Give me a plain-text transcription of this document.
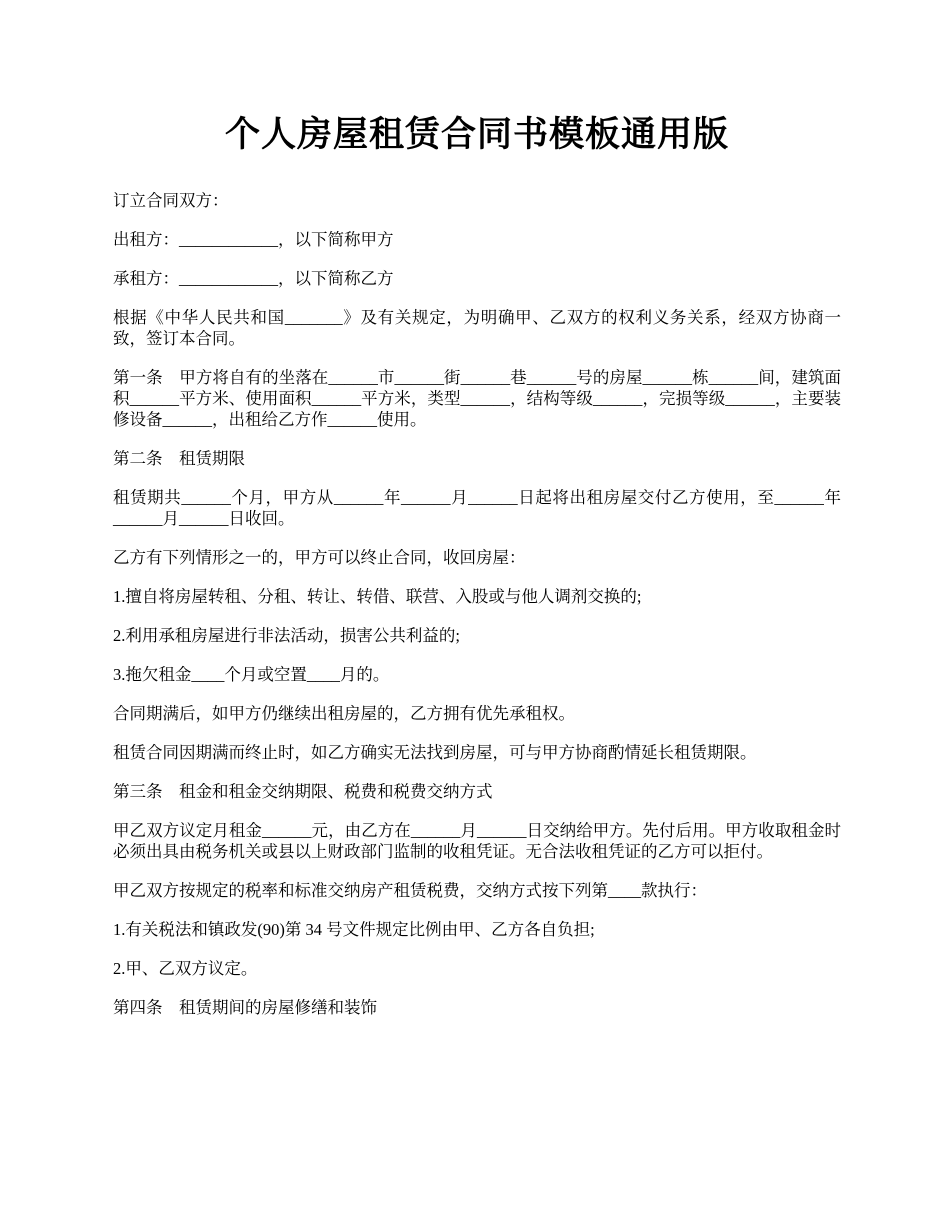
个人房屋租赁合同书模板通用版

订立合同双方：

出租方：____________，以下简称甲方

承租方：____________，以下简称乙方

根据《中华人民共和国_______》及有关规定，为明确甲、乙双方的权利义务关系，经双方协商一致，签订本合同。

第一条　甲方将自有的坐落在______市______街______巷______号的房屋______栋______间，建筑面积______平方米、使用面积______平方米，类型______，结构等级______，完损等级______，主要装修设备______，出租给乙方作______使用。

第二条　租赁期限

租赁期共______个月，甲方从______年______月______日起将出租房屋交付乙方使用，至______年______月______日收回。

乙方有下列情形之一的，甲方可以终止合同，收回房屋：

1.擅自将房屋转租、分租、转让、转借、联营、入股或与他人调剂交换的;

2.利用承租房屋进行非法活动，损害公共利益的;

3.拖欠租金____个月或空置____月的。

合同期满后，如甲方仍继续出租房屋的，乙方拥有优先承租权。

租赁合同因期满而终止时，如乙方确实无法找到房屋，可与甲方协商酌情延长租赁期限。

第三条　租金和租金交纳期限、税费和税费交纳方式

甲乙双方议定月租金______元，由乙方在______月______日交纳给甲方。先付后用。甲方收取租金时必须出具由税务机关或县以上财政部门监制的收租凭证。无合法收租凭证的乙方可以拒付。

甲乙双方按规定的税率和标准交纳房产租赁税费，交纳方式按下列第____款执行：

1.有关税法和镇政发(90)第 34 号文件规定比例由甲、乙方各自负担;

2.甲、乙双方议定。

第四条　租赁期间的房屋修缮和装饰
